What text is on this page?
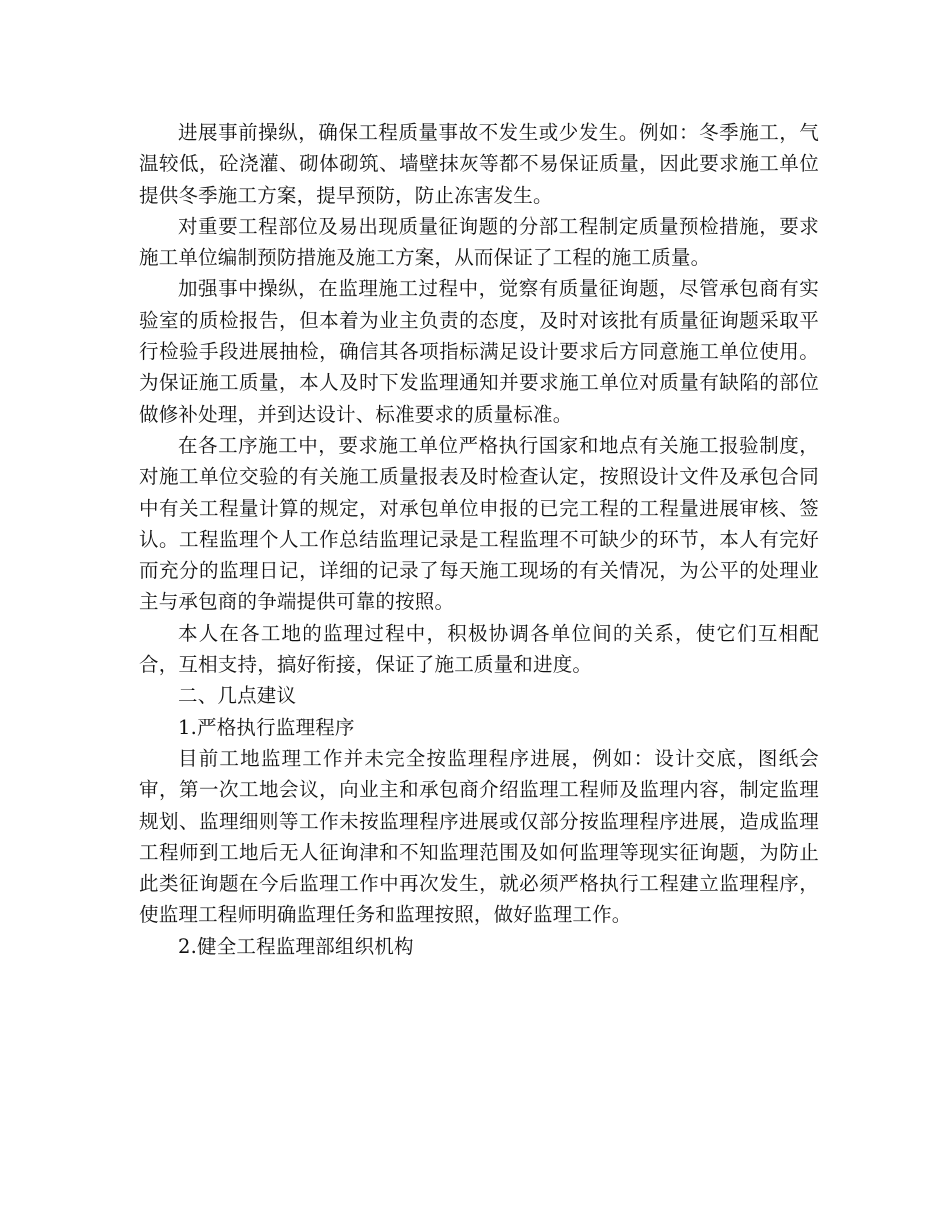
进展事前操纵，确保工程质量事故不发生或少发生。例如：冬季施工，气温较低，砼浇灌、砌体砌筑、墙壁抹灰等都不易保证质量，因此要求施工单位提供冬季施工方案，提早预防，防止冻害发生。

对重要工程部位及易出现质量征询题的分部工程制定质量预检措施，要求施工单位编制预防措施及施工方案，从而保证了工程的施工质量。

加强事中操纵，在监理施工过程中，觉察有质量征询题，尽管承包商有实验室的质检报告，但本着为业主负责的态度，及时对该批有质量征询题采取平行检验手段进展抽检，确信其各项指标满足设计要求后方同意施工单位使用。为保证施工质量，本人及时下发监理通知并要求施工单位对质量有缺陷的部位做修补处理，并到达设计、标准要求的质量标准。

在各工序施工中，要求施工单位严格执行国家和地点有关施工报验制度，对施工单位交验的有关施工质量报表及时检查认定，按照设计文件及承包合同中有关工程量计算的规定，对承包单位申报的已完工程的工程量进展审核、签认。工程监理个人工作总结监理记录是工程监理不可缺少的环节，本人有完好而充分的监理日记，详细的记录了每天施工现场的有关情况，为公平的处理业主与承包商的争端提供可靠的按照。

本人在各工地的监理过程中，积极协调各单位间的关系，使它们互相配合，互相支持，搞好衔接，保证了施工质量和进度。

二、几点建议

1.严格执行监理程序

目前工地监理工作并未完全按监理程序进展，例如：设计交底，图纸会审，第一次工地会议，向业主和承包商介绍监理工程师及监理内容，制定监理规划、监理细则等工作未按监理程序进展或仅部分按监理程序进展，造成监理工程师到工地后无人征询津和不知监理范围及如何监理等现实征询题，为防止此类征询题在今后监理工作中再次发生，就必须严格执行工程建立监理程序，使监理工程师明确监理任务和监理按照，做好监理工作。

2.健全工程监理部组织机构
